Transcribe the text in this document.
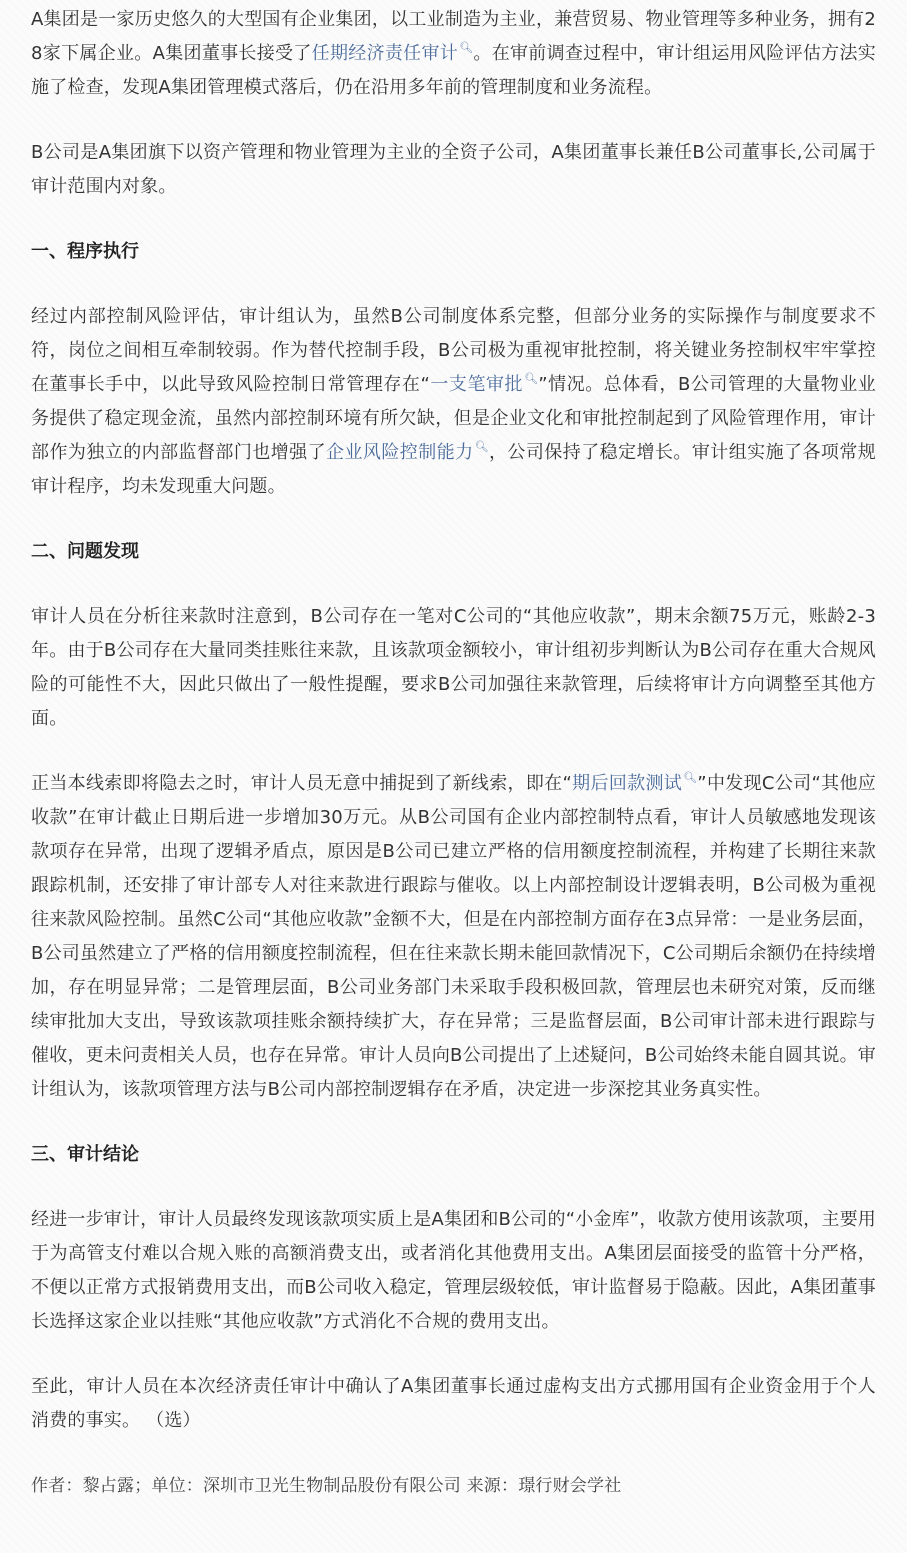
A集团是一家历史悠久的大型国有企业集团，以工业制造为主业，兼营贸易、物业管理等多种业务，拥有28家下属企业。A集团董事长接受了任期经济责任审计🔍︎。在审前调查过程中，审计组运用风险评估方法实施了检查，发现A集团管理模式落后，仍在沿用多年前的管理制度和业务流程。

B公司是A集团旗下以资产管理和物业管理为主业的全资子公司，A集团董事长兼任B公司董事长,公司属于审计范围内对象。

一、程序执行

经过内部控制风险评估，审计组认为，虽然B公司制度体系完整，但部分业务的实际操作与制度要求不符，岗位之间相互牵制较弱。作为替代控制手段，B公司极为重视审批控制，将关键业务控制权牢牢掌控在董事长手中，以此导致风险控制日常管理存在“一支笔审批🔍︎”情况。总体看，B公司管理的大量物业业务提供了稳定现金流，虽然内部控制环境有所欠缺，但是企业文化和审批控制起到了风险管理作用，审计部作为独立的内部监督部门也增强了企业风险控制能力🔍︎，公司保持了稳定增长。审计组实施了各项常规审计程序，均未发现重大问题。

二、问题发现

审计人员在分析往来款时注意到，B公司存在一笔对C公司的“其他应收款”，期末余额75万元，账龄2-3年。由于B公司存在大量同类挂账往来款，且该款项金额较小，审计组初步判断认为B公司存在重大合规风险的可能性不大，因此只做出了一般性提醒，要求B公司加强往来款管理，后续将审计方向调整至其他方面。

正当本线索即将隐去之时，审计人员无意中捕捉到了新线索，即在“期后回款测试🔍︎”中发现C公司“其他应收款”在审计截止日期后进一步增加30万元。从B公司国有企业内部控制特点看，审计人员敏感地发现该款项存在异常，出现了逻辑矛盾点，原因是B公司已建立严格的信用额度控制流程，并构建了长期往来款跟踪机制，还安排了审计部专人对往来款进行跟踪与催收。以上内部控制设计逻辑表明，B公司极为重视往来款风险控制。虽然C公司“其他应收款”金额不大，但是在内部控制方面存在3点异常：一是业务层面，B公司虽然建立了严格的信用额度控制流程，但在往来款长期未能回款情况下，C公司期后余额仍在持续增加，存在明显异常；二是管理层面，B公司业务部门未采取手段积极回款，管理层也未研究对策，反而继续审批加大支出，导致该款项挂账余额持续扩大，存在异常；三是监督层面，B公司审计部未进行跟踪与催收，更未问责相关人员，也存在异常。审计人员向B公司提出了上述疑问，B公司始终未能自圆其说。审计组认为，该款项管理方法与B公司内部控制逻辑存在矛盾，决定进一步深挖其业务真实性。

三、审计结论

经进一步审计，审计人员最终发现该款项实质上是A集团和B公司的“小金库”，收款方使用该款项，主要用于为高管支付难以合规入账的高额消费支出，或者消化其他费用支出。A集团层面接受的监管十分严格，不便以正常方式报销费用支出，而B公司收入稳定，管理层级较低，审计监督易于隐蔽。因此，A集团董事长选择这家企业以挂账“其他应收款”方式消化不合规的费用支出。

至此，审计人员在本次经济责任审计中确认了A集团董事长通过虚构支出方式挪用国有企业资金用于个人消费的事实。 （选）

作者：黎占露；单位：深圳市卫光生物制品股份有限公司 来源：璟行财会学社
